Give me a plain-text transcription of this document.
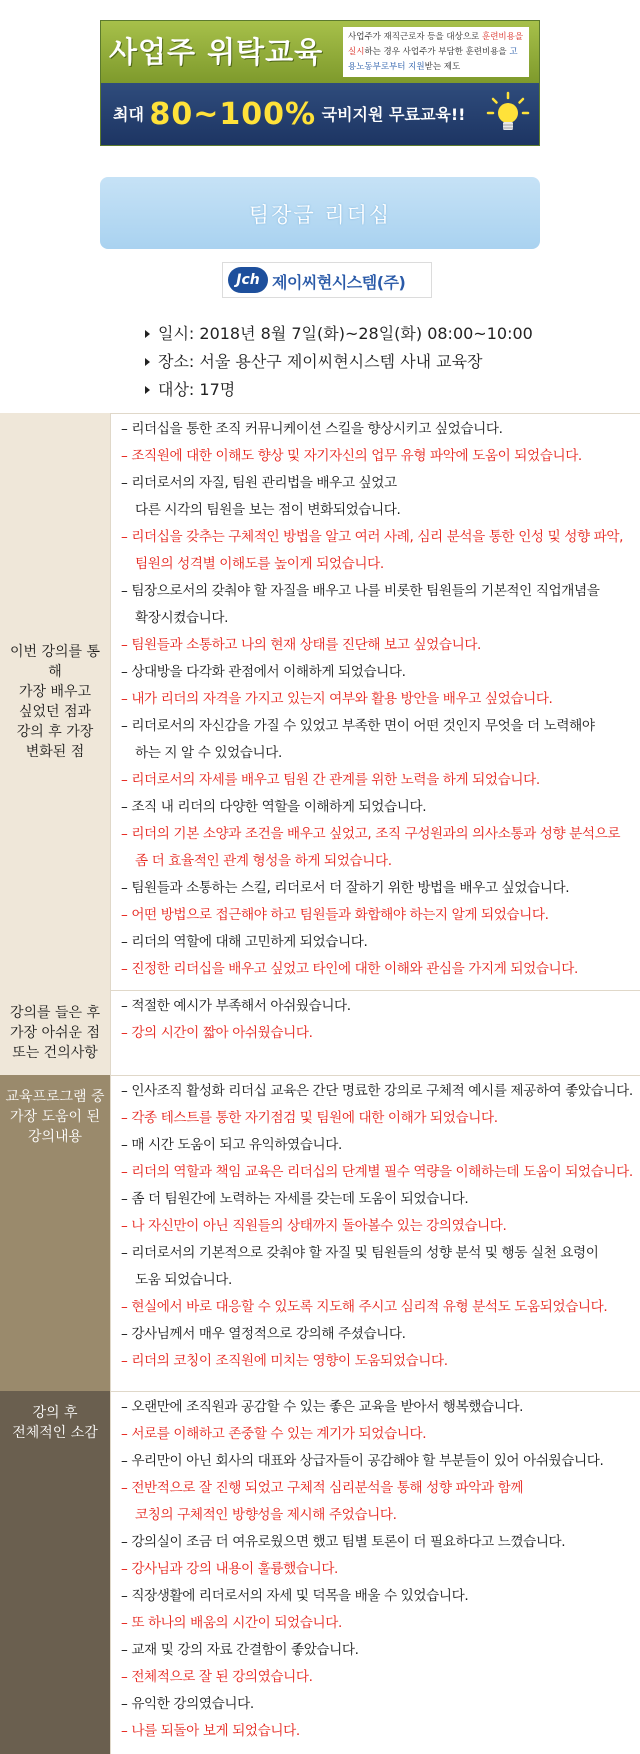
사업주 위탁교육	사업주가 재직근로자 등을 대상으로 훈련비용을 실시하는 경우 사업주가 부담한 훈련비용을 고용노동부로부터 지원받는 제도
최대 80~100% 국비지원 무료교육!!
팀장급 리더십
Jch 제이씨현시스템(주)
일시: 2018년 8월 7일(화)~28일(화) 08:00~10:00
장소: 서울 용산구 제이씨현시스템 사내 교육장
대상: 17명
이번 강의를 통해
가장 배우고
싶었던 점과
강의 후 가장
변화된 점
– 리더십을 통한 조직 커뮤니케이션 스킬을 향상시키고 싶었습니다.
– 조직원에 대한 이해도 향상 및 자기자신의 업무 유형 파악에 도움이 되었습니다.
– 리더로서의 자질, 팀원 관리법을 배우고 싶었고
다른 시각의 팀원을 보는 점이 변화되었습니다.
– 리더십을 갖추는 구체적인 방법을 알고 여러 사례, 심리 분석을 통한 인성 및 성향 파악,
팀원의 성격별 이해도를 높이게 되었습니다.
– 팀장으로서의 갖춰야 할 자질을 배우고 나를 비롯한 팀원들의 기본적인 직업개념을
확장시켰습니다.
– 팀원들과 소통하고 나의 현재 상태를 진단해 보고 싶었습니다.
– 상대방을 다각화 관점에서 이해하게 되었습니다.
– 내가 리더의 자격을 가지고 있는지 여부와 활용 방안을 배우고 싶었습니다.
– 리더로서의 자신감을 가질 수 있었고 부족한 면이 어떤 것인지 무엇을 더 노력해야
하는 지 알 수 있었습니다.
– 리더로서의 자세를 배우고 팀원 간 관계를 위한 노력을 하게 되었습니다.
– 조직 내 리더의 다양한 역할을 이해하게 되었습니다.
– 리더의 기본 소양과 조건을 배우고 싶었고, 조직 구성원과의 의사소통과 성향 분석으로
좀 더 효율적인 관계 형성을 하게 되었습니다.
– 팀원들과 소통하는 스킬, 리더로서 더 잘하기 위한 방법을 배우고 싶었습니다.
– 어떤 방법으로 접근해야 하고 팀원들과 화합해야 하는지 알게 되었습니다.
– 리더의 역할에 대해 고민하게 되었습니다.
– 진정한 리더십을 배우고 싶었고 타인에 대한 이해와 관심을 가지게 되었습니다.
강의를 들은 후
가장 아쉬운 점
또는 건의사항
– 적절한 예시가 부족해서 아쉬웠습니다.
– 강의 시간이 짧아 아쉬웠습니다.
교육프로그램 중
가장 도움이 된
강의내용
– 인사조직 활성화 리더십 교육은 간단 명료한 강의로 구체적 예시를 제공하여 좋았습니다.
– 각종 테스트를 통한 자기점검 및 팀원에 대한 이해가 되었습니다.
– 매 시간 도움이 되고 유익하였습니다.
– 리더의 역할과 책임 교육은 리더십의 단계별 필수 역량을 이해하는데 도움이 되었습니다.
– 좀 더 팀원간에 노력하는 자세를 갖는데 도움이 되었습니다.
– 나 자신만이 아닌 직원들의 상태까지 돌아볼수 있는 강의였습니다.
– 리더로서의 기본적으로 갖춰야 할 자질 및 팀원들의 성향 분석 및 행동 실천 요령이
도움 되었습니다.
– 현실에서 바로 대응할 수 있도록 지도해 주시고 심리적 유형 분석도 도움되었습니다.
– 강사님께서 매우 열정적으로 강의해 주셨습니다.
– 리더의 코칭이 조직원에 미치는 영향이 도움되었습니다.
강의 후
전체적인 소감
– 오랜만에 조직원과 공감할 수 있는 좋은 교육을 받아서 행복했습니다.
– 서로를 이해하고 존중할 수 있는 계기가 되었습니다.
– 우리만이 아닌 회사의 대표와 상급자들이 공감해야 할 부분들이 있어 아쉬웠습니다.
– 전반적으로 잘 진행 되었고 구체적 심리분석을 통해 성향 파악과 함께
코칭의 구체적인 방향성을 제시해 주었습니다.
– 강의실이 조금 더 여유로웠으면 했고 팀별 토론이 더 필요하다고 느꼈습니다.
– 강사님과 강의 내용이 훌륭했습니다.
– 직장생활에 리더로서의 자세 및 덕목을 배울 수 있었습니다.
– 또 하나의 배움의 시간이 되었습니다.
– 교재 및 강의 자료 간결함이 좋았습니다.
– 전체적으로 잘 된 강의였습니다.
– 유익한 강의였습니다.
– 나를 되돌아 보게 되었습니다.
